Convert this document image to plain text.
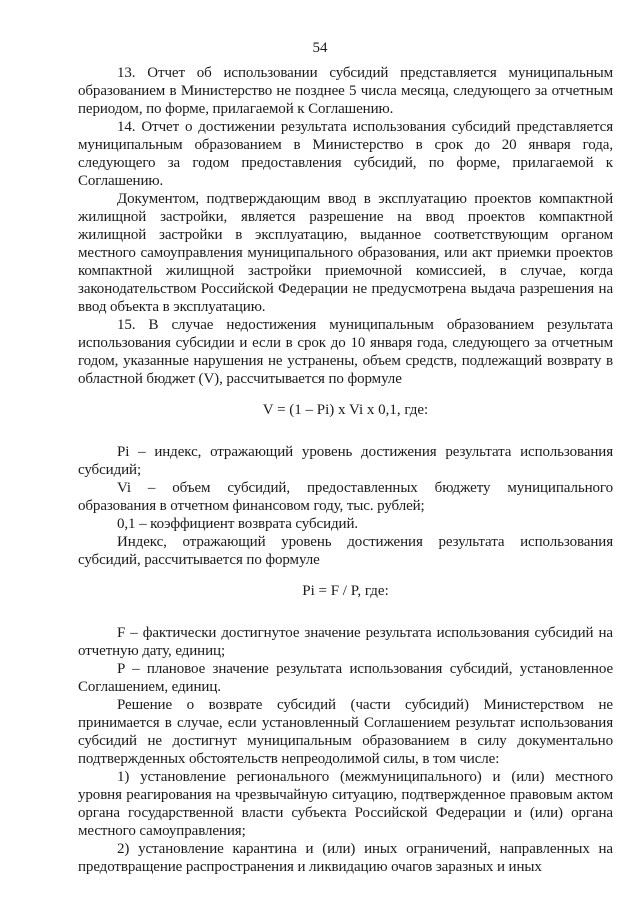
54

13. Отчет об использовании субсидий представляется муниципальным образованием в Министерство не позднее 5 числа месяца, следующего за отчетным периодом, по форме, прилагаемой к Соглашению.

14. Отчет о достижении результата использования субсидий представляется муниципальным образованием в Министерство в срок до 20 января года, следующего за годом предоставления субсидий, по форме, прилагаемой к Соглашению.

Документом, подтверждающим ввод в эксплуатацию проектов компактной жилищной застройки, является разрешение на ввод проектов компактной жилищной застройки в эксплуатацию, выданное соответствующим органом местного самоуправления муниципального образования, или акт приемки проектов компактной жилищной застройки приемочной комиссией, в случае, когда законодательством Российской Федерации не предусмотрена выдача разрешения на ввод объекта в эксплуатацию.

15. В случае недостижения муниципальным образованием результата использования субсидии и если в срок до 10 января года, следующего за отчетным годом, указанные нарушения не устранены, объем средств, подлежащий возврату в областной бюджет (V), рассчитывается по формуле

V = (1 – Pi) x Vi x 0,1, где:

Pi – индекс, отражающий уровень достижения результата использования субсидий;

Vi – объем субсидий, предоставленных бюджету муниципального образования в отчетном финансовом году, тыс. рублей;

0,1 – коэффициент возврата субсидий.

Индекс, отражающий уровень достижения результата использования субсидий, рассчитывается по формуле

Pi = F / P, где:

F – фактически достигнутое значение результата использования субсидий на отчетную дату, единиц;

P – плановое значение результата использования субсидий, установленное Соглашением, единиц.

Решение о возврате субсидий (части субсидий) Министерством не принимается в случае, если установленный Соглашением результат использования субсидий не достигнут муниципальным образованием в силу документально подтвержденных обстоятельств непреодолимой силы, в том числе:

1) установление регионального (межмуниципального) и (или) местного уровня реагирования на чрезвычайную ситуацию, подтвержденное правовым актом органа государственной власти субъекта Российской Федерации и (или) органа местного самоуправления;

2) установление карантина и (или) иных ограничений, направленных на предотвращение распространения и ликвидацию очагов заразных и иных
